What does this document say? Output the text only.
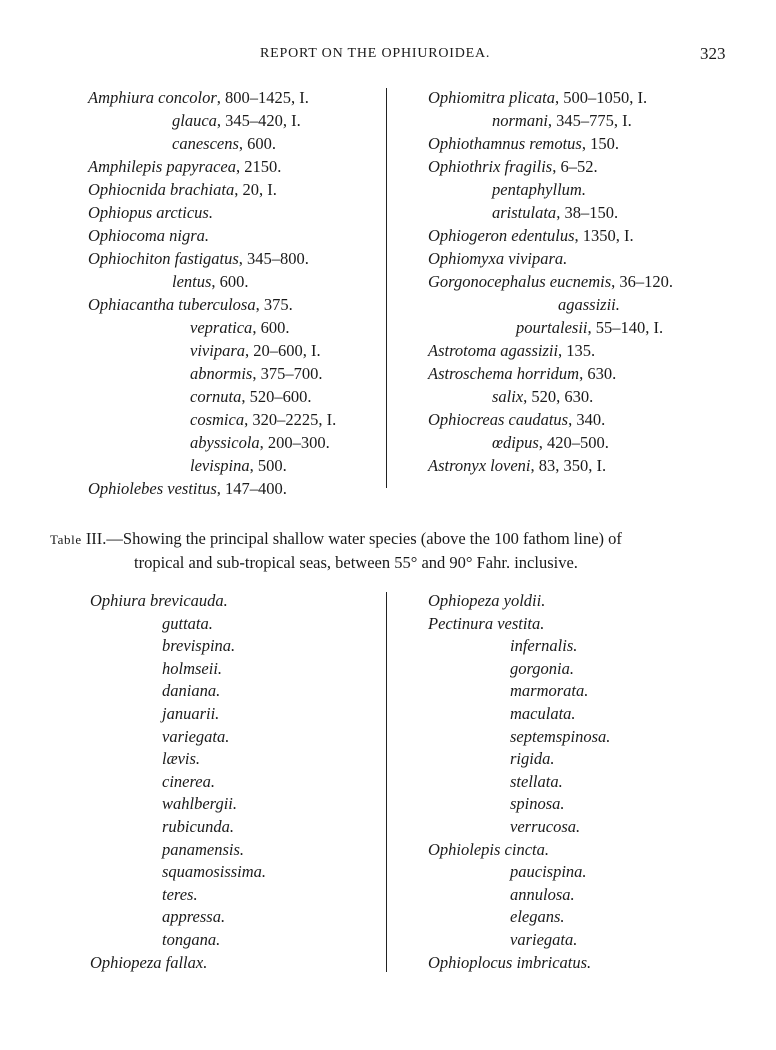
REPORT ON THE OPHIUROIDEA.	323
Amphiura concolor, 800–1425, I.
glauca, 345–420, I.
canescens, 600.
Amphilepis papyracea, 2150.
Ophiocnida brachiata, 20, I.
Ophiopus arcticus.
Ophiocoma nigra.
Ophiochiton fastigatus, 345–800.
lentus, 600.
Ophiacantha tuberculosa, 375.
vepratica, 600.
vivipara, 20–600, I.
abnormis, 375–700.
cornuta, 520–600.
cosmica, 320–2225, I.
abyssicola, 200–300.
levispina, 500.
Ophiolebes vestitus, 147–400.
Ophiomitra plicata, 500–1050, I.
normani, 345–775, I.
Ophiothamnus remotus, 150.
Ophiothrix fragilis, 6–52.
pentaphyllum.
aristulata, 38–150.
Ophiogeron edentulus, 1350, I.
Ophiomyxa vivipara.
Gorgonocephalus eucnemis, 36–120.
agassizii.
pourtalesii, 55–140, I.
Astrotoma agassizii, 135.
Astroschema horridum, 630.
salix, 520, 630.
Ophiocreas caudatus, 340.
œdipus, 420–500.
Astronyx loveni, 83, 350, I.
Table III.—Showing the principal shallow water species (above the 100 fathom line) of
tropical and sub-tropical seas, between 55° and 90° Fahr. inclusive.
Ophiura brevicauda.
guttata.
brevispina.
holmseii.
daniana.
januarii.
variegata.
lævis.
cinerea.
wahlbergii.
rubicunda.
panamensis.
squamosissima.
teres.
appressa.
tongana.
Ophiopeza fallax.
Ophiopeza yoldii.
Pectinura vestita.
infernalis.
gorgonia.
marmorata.
maculata.
septemspinosa.
rigida.
stellata.
spinosa.
verrucosa.
Ophiolepis cincta.
paucispina.
annulosa.
elegans.
variegata.
Ophioplocus imbricatus.
